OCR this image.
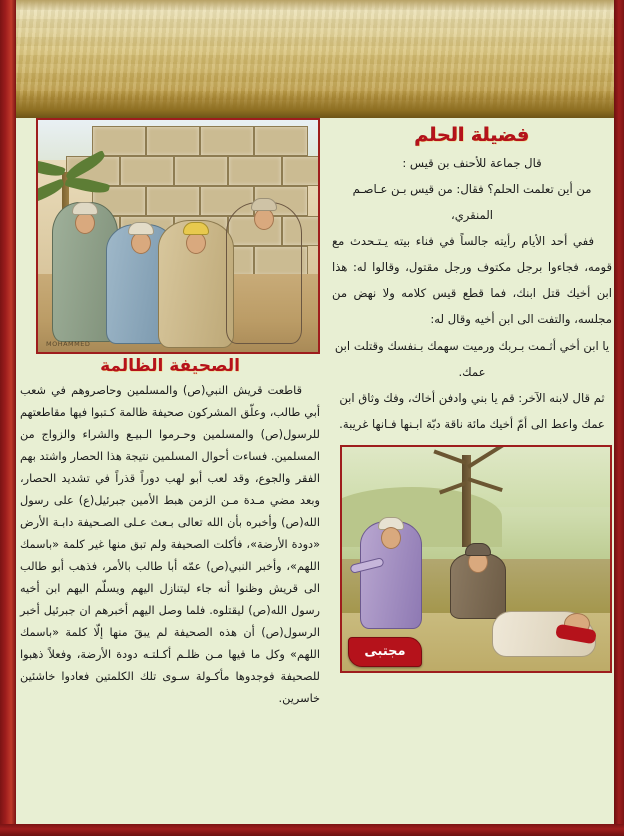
فضيلة الحلم

قال جماعة للأحنف بن قيس :

من أين تعلمت الحلم؟ فقال: من قيس بـن عـاصـم المنقري،

ففي أحد الأيام رأيته جالساً في فناء بيته يـتـحدث مع قومه، فجاءوا برجل مكتوف ورجل مقتول، وقالوا له: هذا ابن أخيك قتل ابنك، فما قطع قيس كلامه ولا نهض من مجلسه، والتفت الى ابن أخيه وقال له:

يا ابن أخي أثـمت بـربك ورميت سهمك بـنفسك وقتلت ابن عمك.

ثم قال لابنه الآخر: قم يا بني وادفن أخاك، وفك وثاق ابن عمك واعط الى أمّ أخيك مائة ناقة دبّة ابـنها فـانها غريبة.

مجتبى
MOHAMMED
الصحيفة الظالمة

قاطعت قريش النبي(ص) والمسلمين وحاصروهم في شعب أبي طالب، وعلّق المشركون صحيفة ظالمة كـتبوا فيها مقاطعتهم للرسول(ص) والمسلمين وحـرموا الـبيـع والشراء والزواج من المسلمين. فساءت أحوال المسلمين نتيجة هذا الحصار واشتد بهم الفقر والجوع، وقد لعب أبو لهب دوراً قذراً في تشديد الحصار، وبعد مضي مـدة مـن الزمن هبط الأمين جبرئيل(ع) على رسول الله(ص) وأخبره بأن الله تعالى بـعث عـلى الصـحيفة دابـة الأرض «دودة الأرضة»، فأكلت الصحيفة ولم تبق منها غير كلمة «باسمك اللهم»، وأخبر النبي(ص) عمّه أبا طالب بالأمر، فذهب أبو طالب الى قريش وظنوا أنه جاء ليتنازل اليهم ويسلّم اليهم ابن أخيه رسول الله(ص) ليقتلوه. فلما وصل اليهم أخبرهم ان جبرئيل أخبر الرسول(ص) أن هذه الصحيفة لم يبقَ منها إلّا كلمة «باسمك اللهم» وكل ما فيها مـن ظلـم أكـلتـه دودة الأرضة، وفعلاً ذهبوا للصحيفة فوجدوها مأكـولة سـوى تلك الكلمتين فعادوا خاشئين خاسرين.
